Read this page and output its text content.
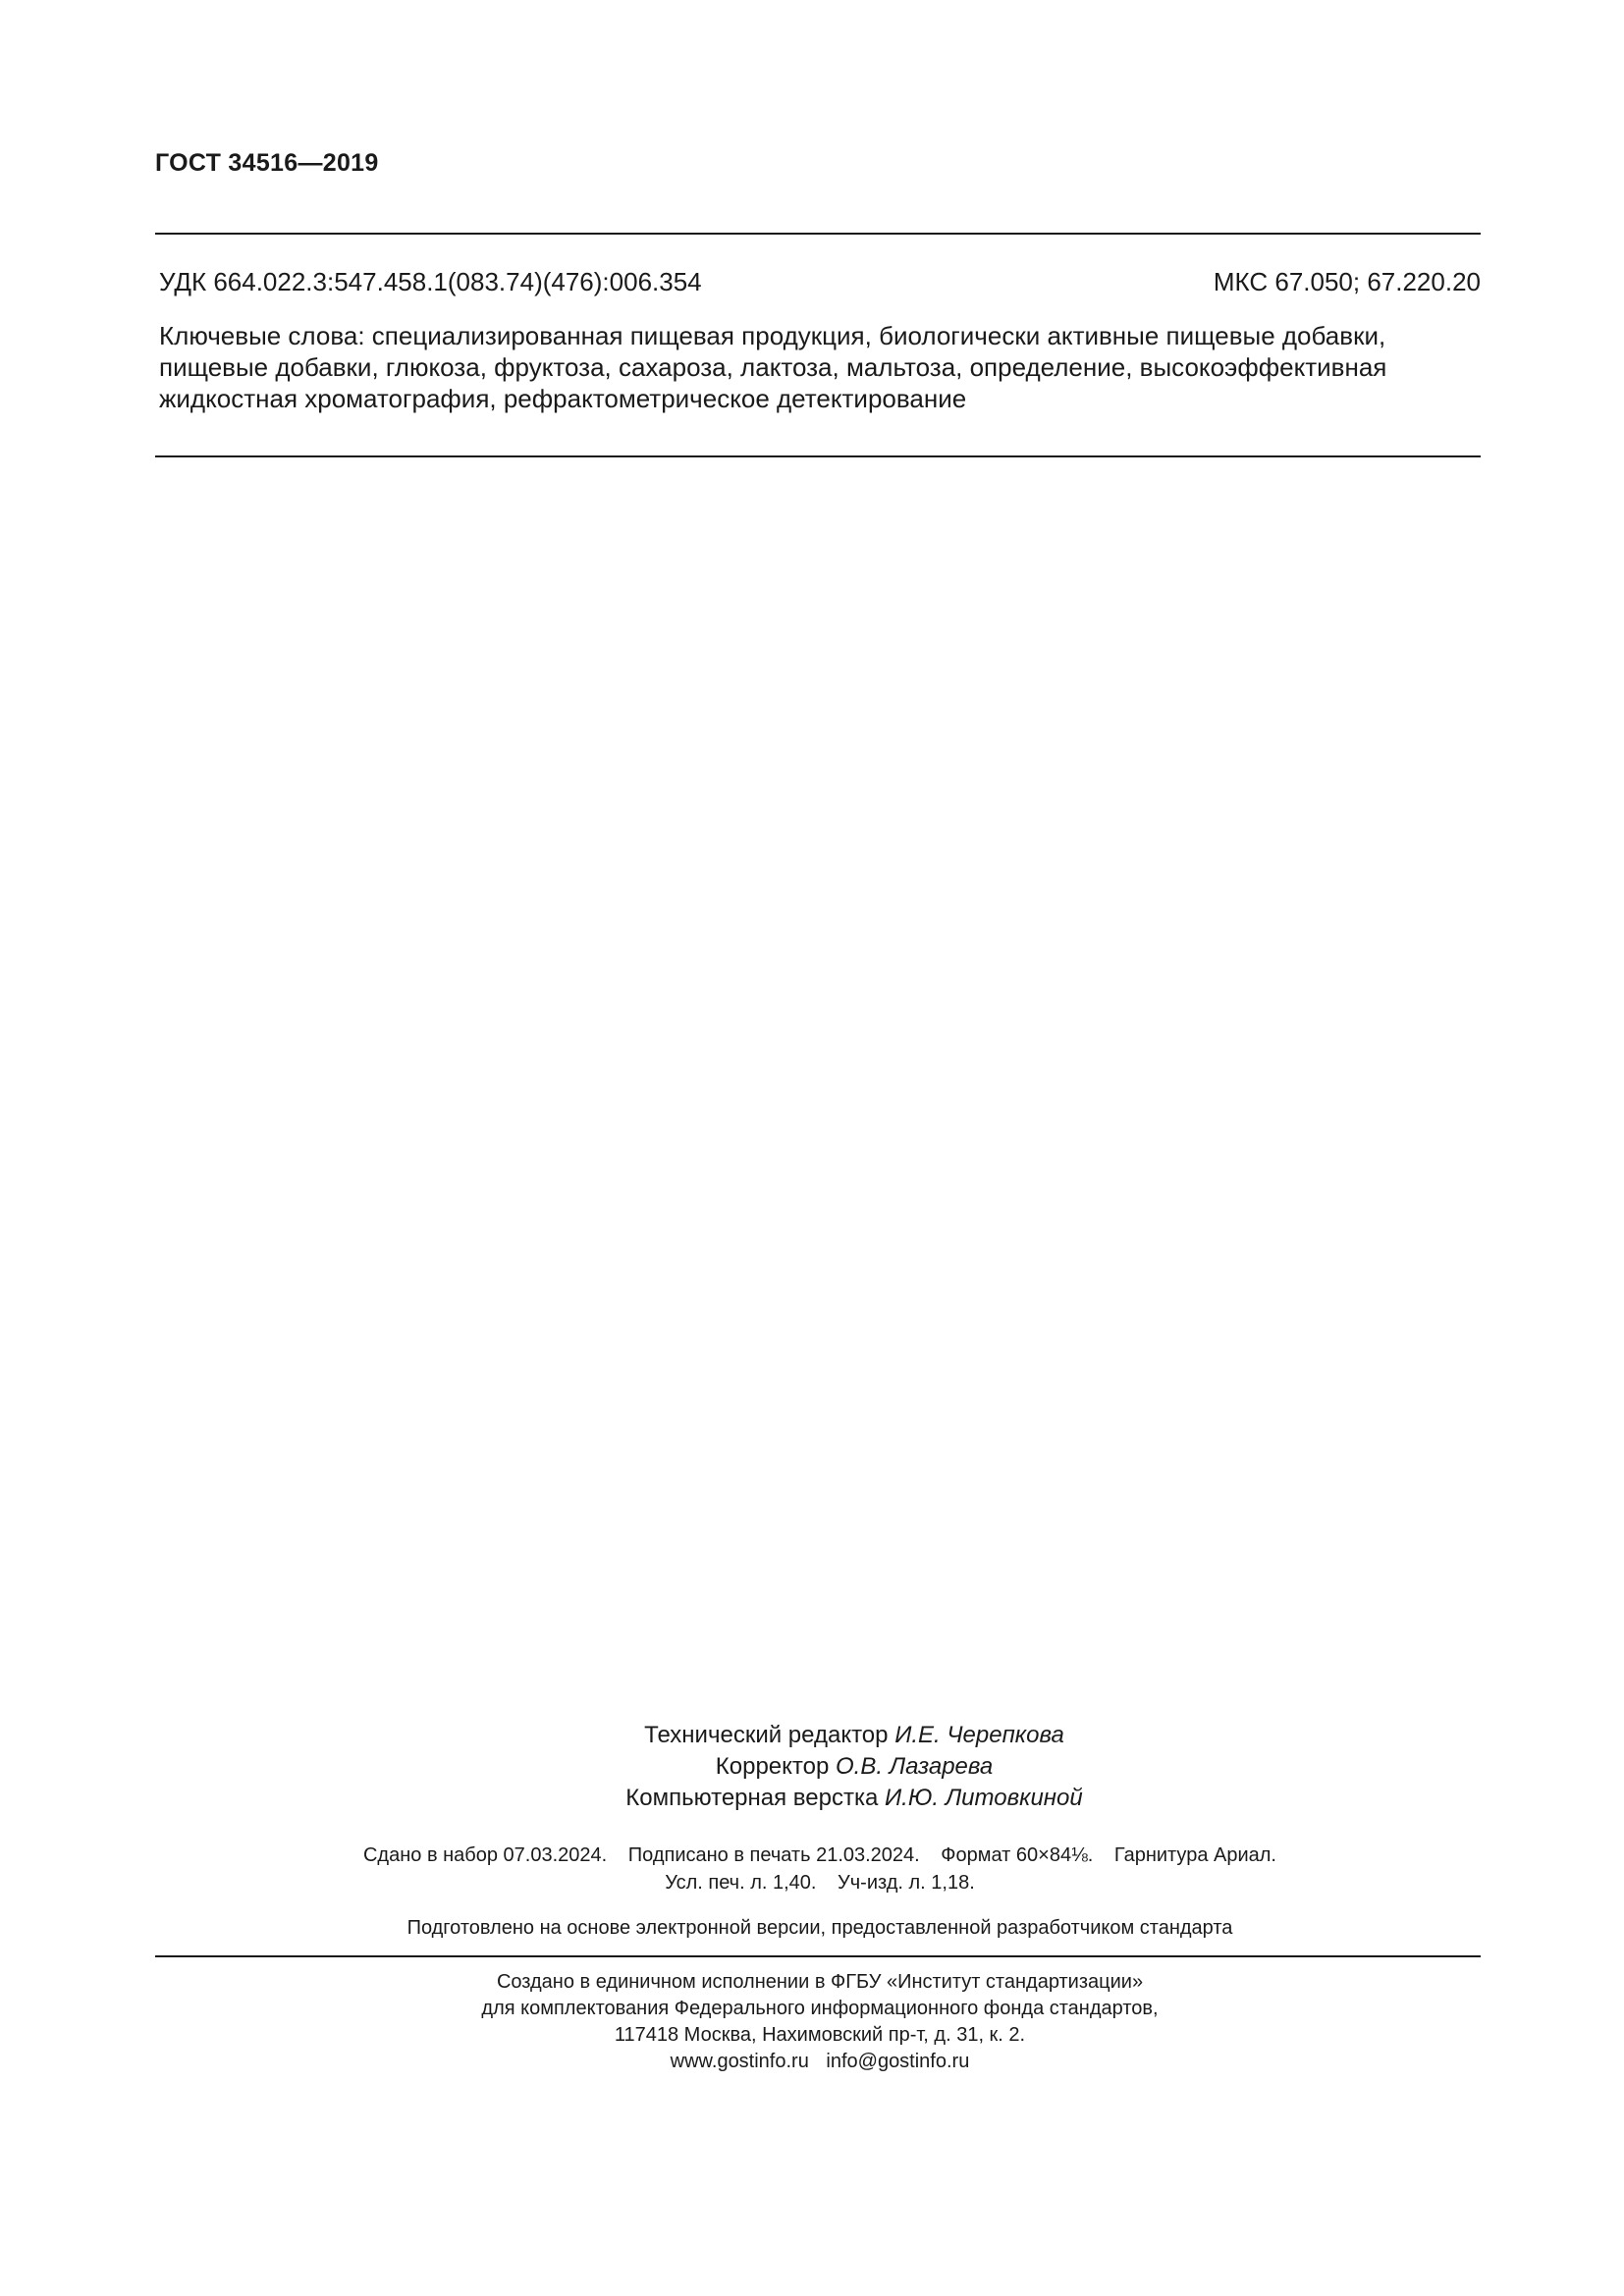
ГОСТ 34516—2019
УДК 664.022.3:547.458.1(083.74)(476):006.354	МКС 67.050; 67.220.20
Ключевые слова: специализированная пищевая продукция, биологически активные пищевые добавки,
пищевые добавки, глюкоза, фруктоза, сахароза, лактоза, мальтоза, определение, высокоэффективная
жидкостная хроматография, рефрактометрическое детектирование
Технический редактор И.Е. Черепкова
Корректор О.В. Лазарева
Компьютерная верстка И.Ю. Литовкиной
Сдано в набор 07.03.2024. Подписано в печать 21.03.2024. Формат 60×84⅛. Гарнитура Ариал.
Усл. печ. л. 1,40. Уч-изд. л. 1,18.
Подготовлено на основе электронной версии, предоставленной разработчиком стандарта
Создано в единичном исполнении в ФГБУ «Институт стандартизации»
для комплектования Федерального информационного фонда стандартов,
117418 Москва, Нахимовский пр-т, д. 31, к. 2.
www.gostinfo.ru info@gostinfo.ru
